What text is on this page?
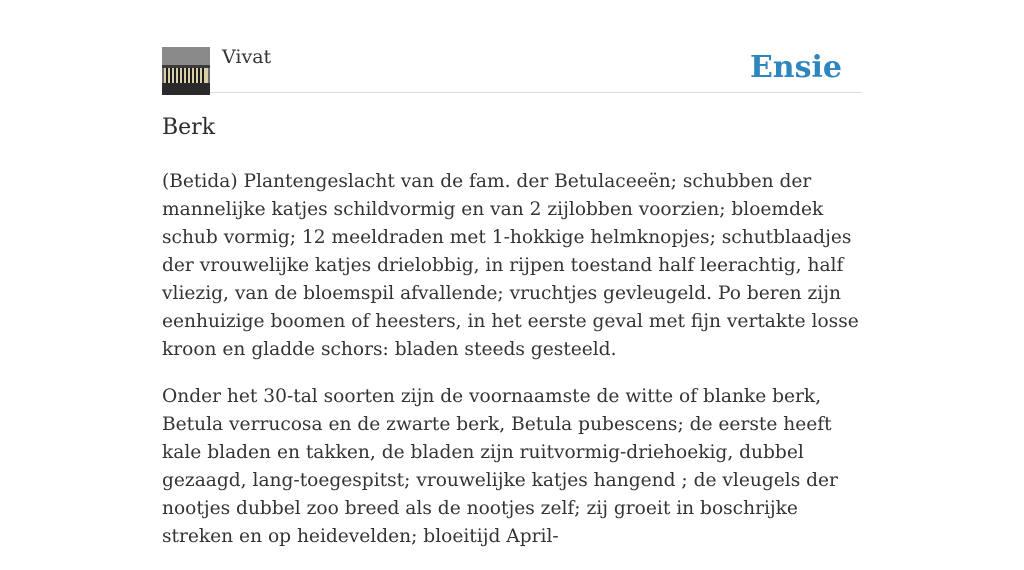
Vivat	Ensie
Berk

(Betida) Plantengeslacht van de fam. der Betulaceeën; schubben der mannelijke katjes schildvormig en van 2 zijlobben voorzien; bloemdek schub vormig; 12 meeldraden met 1-hokkige helmknopjes; schutblaadjes der vrouwelijke katjes drielobbig, in rijpen toestand half leerachtig, half vliezig, van de bloemspil afvallende; vruchtjes gevleugeld. Po beren zijn eenhuizige boomen of heesters, in het eerste geval met fijn vertakte losse kroon en gladde schors: bladen steeds gesteeld.

Onder het 30-tal soorten zijn de voornaamste de witte of blanke berk, Betula verrucosa en de zwarte berk, Betula pubescens; de eerste heeft kale bladen en takken, de bladen zijn ruitvormig-driehoekig, dubbel gezaagd, lang-toegespitst; vrouwelijke katjes hangend ; de vleugels der nootjes dubbel zoo breed als de nootjes zelf; zij groeit in boschrijke streken en op heidevelden; bloeitijd April-
